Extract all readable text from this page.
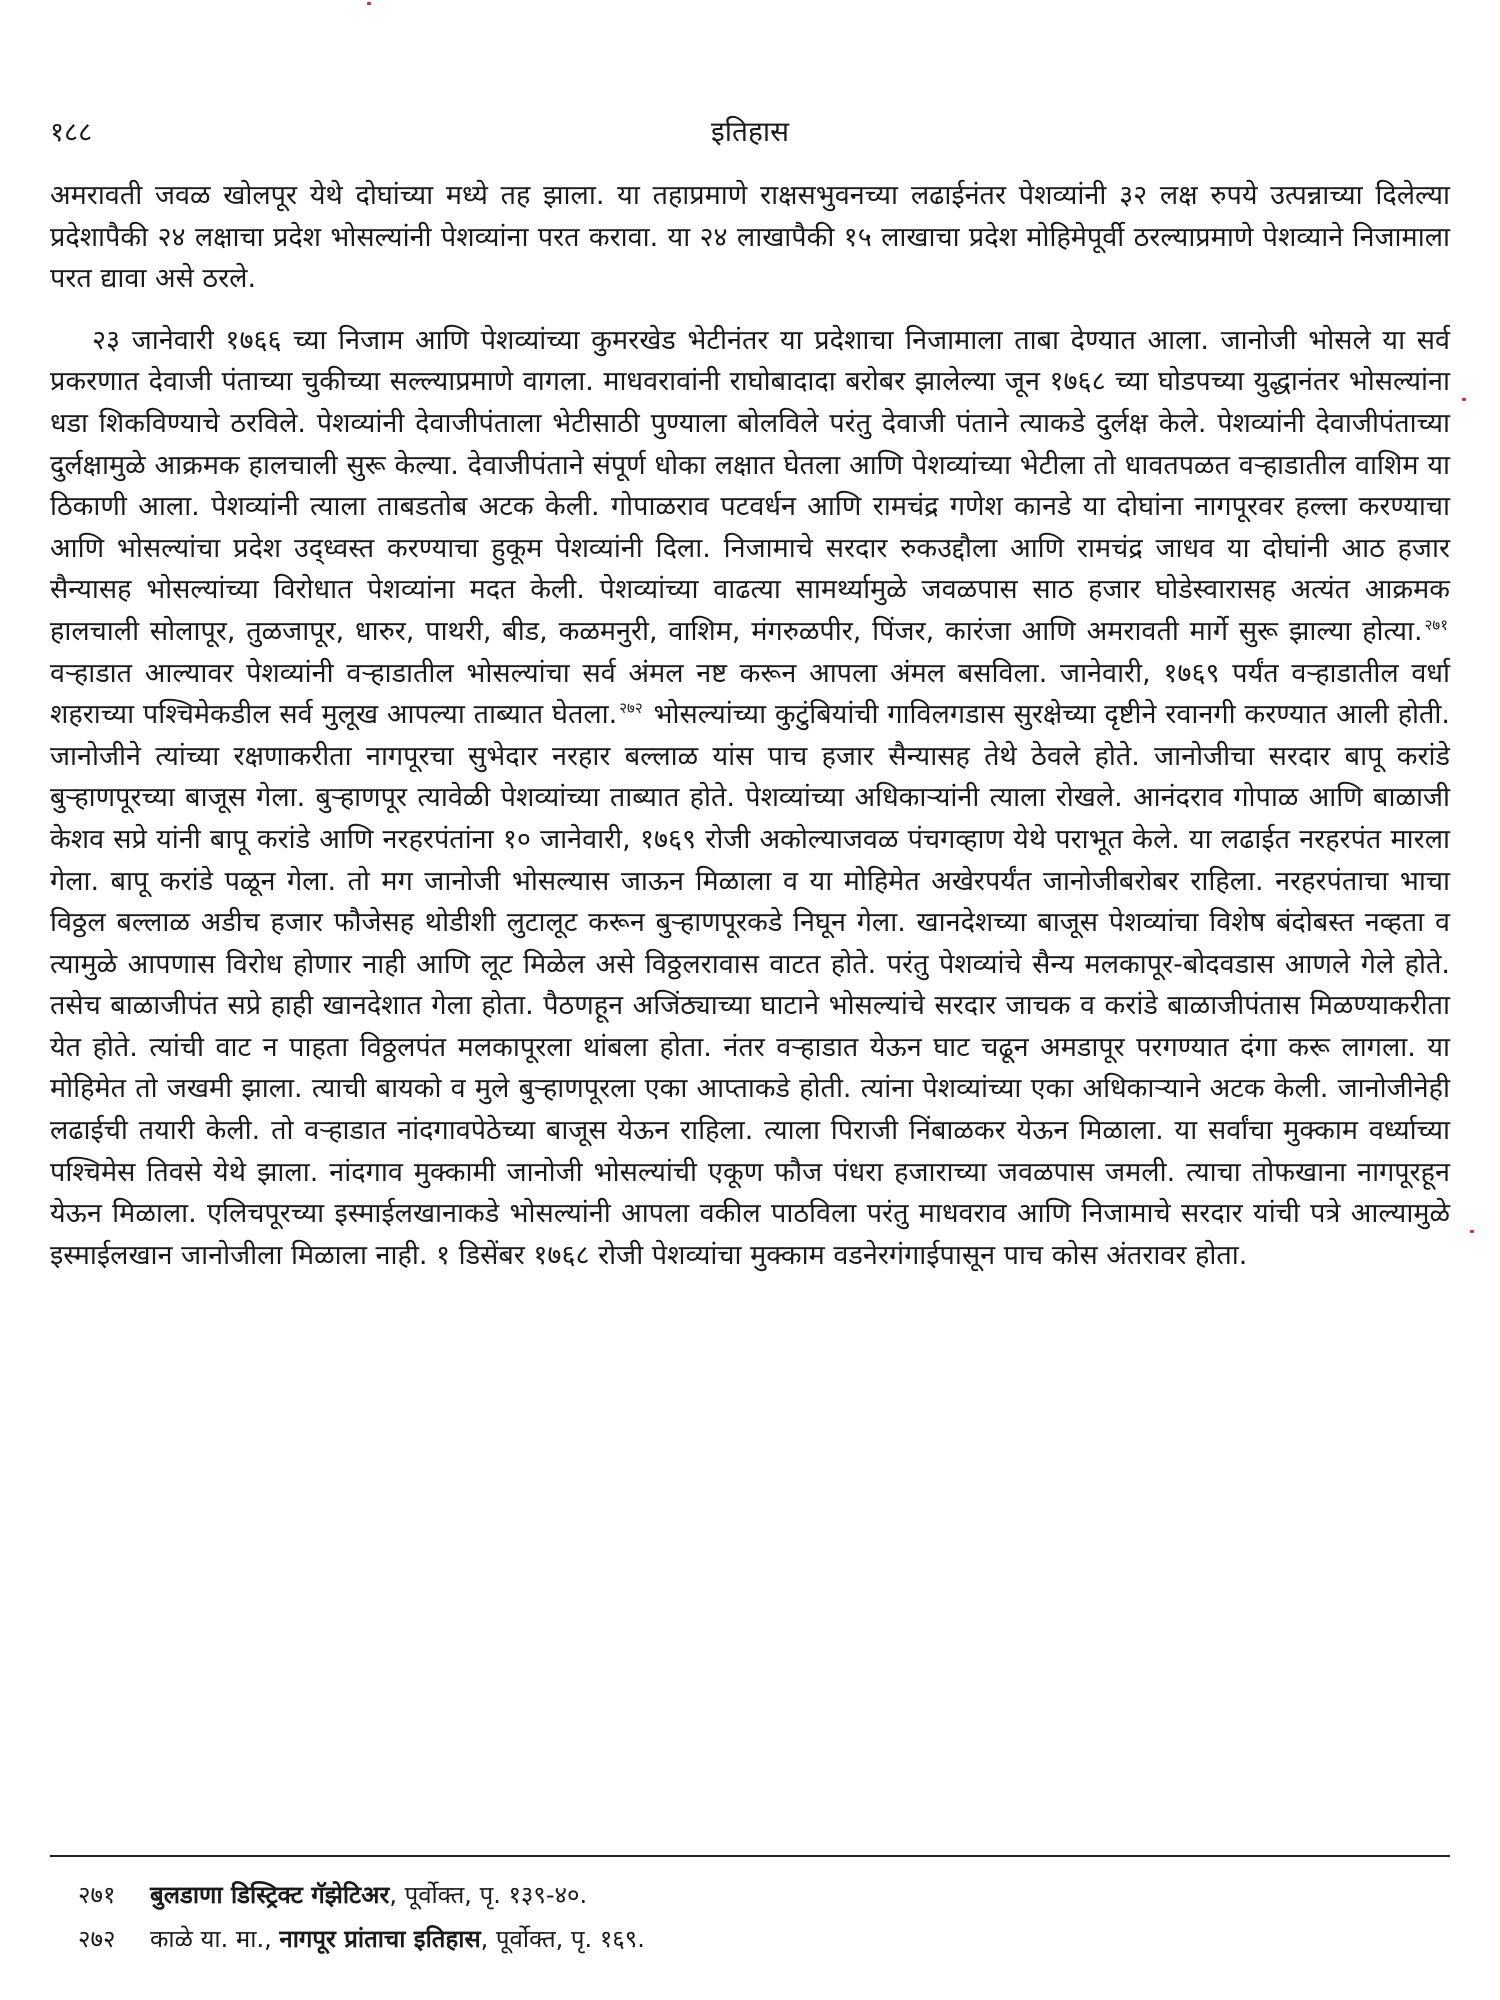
१८८	इतिहास

अमरावती जवळ खोलपूर येथे दोघांच्या मध्ये तह झाला. या तहाप्रमाणे राक्षसभुवनच्या लढाईनंतर पेशव्यांनी ३२ लक्ष रुपये उत्पन्नाच्या दिलेल्या प्रदेशापैकी २४ लक्षाचा प्रदेश भोसल्यांनी पेशव्यांना परत करावा. या २४ लाखापैकी १५ लाखाचा प्रदेश मोहिमेपूर्वी ठरल्याप्रमाणे पेशव्याने निजामाला परत द्यावा असे ठरले.

२३ जानेवारी १७६६ च्या निजाम आणि पेशव्यांच्या कुमरखेड भेटीनंतर या प्रदेशाचा निजामाला ताबा देण्यात आला. जानोजी भोसले या सर्व प्रकरणात देवाजी पंताच्या चुकीच्या सल्ल्याप्रमाणे वागला. माधवरावांनी राघोबादादा बरोबर झालेल्या जून १७६८ च्या घोडपच्या युद्धानंतर भोसल्यांना धडा शिकविण्याचे ठरविले. पेशव्यांनी देवाजीपंताला भेटीसाठी पुण्याला बोलविले परंतु देवाजी पंताने त्याकडे दुर्लक्ष केले. पेशव्यांनी देवाजीपंताच्या दुर्लक्षामुळे आक्रमक हालचाली सुरू केल्या. देवाजीपंताने संपूर्ण धोका लक्षात घेतला आणि पेशव्यांच्या भेटीला तो धावतपळत वऱ्हाडातील वाशिम या ठिकाणी आला. पेशव्यांनी त्याला ताबडतोब अटक केली. गोपाळराव पटवर्धन आणि रामचंद्र गणेश कानडे या दोघांना नागपूरवर हल्ला करण्याचा आणि भोसल्यांचा प्रदेश उद्ध्वस्त करण्याचा हुकूम पेशव्यांनी दिला. निजामाचे सरदार रुकउद्दौला आणि रामचंद्र जाधव या दोघांनी आठ हजार सैन्यासह भोसल्यांच्या विरोधात पेशव्यांना मदत केली. पेशव्यांच्या वाढत्या सामर्थ्यामुळे जवळपास साठ हजार घोडेस्वारासह अत्यंत आक्रमक हालचाली सोलापूर, तुळजापूर, धारुर, पाथरी, बीड, कळमनुरी, वाशिम, मंगरुळपीर, पिंजर, कारंजा आणि अमरावती मार्गे सुरू झाल्या होत्या. $^{२७१}$ वऱ्हाडात आल्यावर पेशव्यांनी वऱ्हाडातील भोसल्यांचा सर्व अंमल नष्ट करून आपला अंमल बसविला. जानेवारी, १७६९ पर्यंत वऱ्हाडातील वर्धा शहराच्या पश्चिमेकडील सर्व मुलूख आपल्या ताब्यात घेतला. $^{२७२}$ भोसल्यांच्या कुटुंबियांची गाविलगडास सुरक्षेच्या दृष्टीने रवानगी करण्यात आली होती. जानोजीने त्यांच्या रक्षणाकरीता नागपूरचा सुभेदार नरहार बल्लाळ यांस पाच हजार सैन्यासह तेथे ठेवले होते. जानोजीचा सरदार बापू करांडे बुऱ्हाणपूरच्या बाजूस गेला. बुऱ्हाणपूर त्यावेळी पेशव्यांच्या ताब्यात होते. पेशव्यांच्या अधिकाऱ्यांनी त्याला रोखले. आनंदराव गोपाळ आणि बाळाजी केशव सप्रे यांनी बापू करांडे आणि नरहरपंतांना १० जानेवारी, १७६९ रोजी अकोल्याजवळ पंचगव्हाण येथे पराभूत केले. या लढाईत नरहरपंत मारला गेला. बापू करांडे पळून गेला. तो मग जानोजी भोसल्यास जाऊन मिळाला व या मोहिमेत अखेरपर्यंत जानोजीबरोबर राहिला. नरहरपंताचा भाचा विठ्ठल बल्लाळ अडीच हजार फौजेसह थोडीशी लुटालूट करून बुऱ्हाणपूरकडे निघून गेला. खानदेशच्या बाजूस पेशव्यांचा विशेष बंदोबस्त नव्हता व त्यामुळे आपणास विरोध होणार नाही आणि लूट मिळेल असे विठ्ठलरावास वाटत होते. परंतु पेशव्यांचे सैन्य मलकापूर-बोदवडास आणले गेले होते. तसेच बाळाजीपंत सप्रे हाही खानदेशात गेला होता. पैठणहून अजिंठ्याच्या घाटाने भोसल्यांचे सरदार जाचक व करांडे बाळाजीपंतास मिळण्याकरीता येत होते. त्यांची वाट न पाहता विठ्ठलपंत मलकापूरला थांबला होता. नंतर वऱ्हाडात येऊन घाट चढून अमडापूर परगण्यात दंगा करू लागला. या मोहिमेत तो जखमी झाला. त्याची बायको व मुले बुऱ्हाणपूरला एका आप्ताकडे होती. त्यांना पेशव्यांच्या एका अधिकाऱ्याने अटक केली. जानोजीनेही लढाईची तयारी केली. तो वऱ्हाडात नांदगावपेठेच्या बाजूस येऊन राहिला. त्याला पिराजी निंबाळकर येऊन मिळाला. या सर्वांचा मुक्काम वर्ध्याच्या पश्चिमेस तिवसे येथे झाला. नांदगाव मुक्कामी जानोजी भोसल्यांची एकूण फौज पंधरा हजाराच्या जवळपास जमली. त्याचा तोफखाना नागपूरहून येऊन मिळाला. एलिचपूरच्या इस्माईलखानाकडे भोसल्यांनी आपला वकील पाठविला परंतु माधवराव आणि निजामाचे सरदार यांची पत्रे आल्यामुळे इस्माईलखान जानोजीला मिळाला नाही. १ डिसेंबर १७६८ रोजी पेशव्यांचा मुक्काम वडनेरगंगाईपासून पाच कोस अंतरावर होता.

२७१ बुलडाणा डिस्ट्रिक्ट गॅझेटिअर, पूर्वोक्त, पृ. १३९-४०.
२७२ काळे या. मा., नागपूर प्रांताचा इतिहास, पूर्वोक्त, पृ. १६९.
